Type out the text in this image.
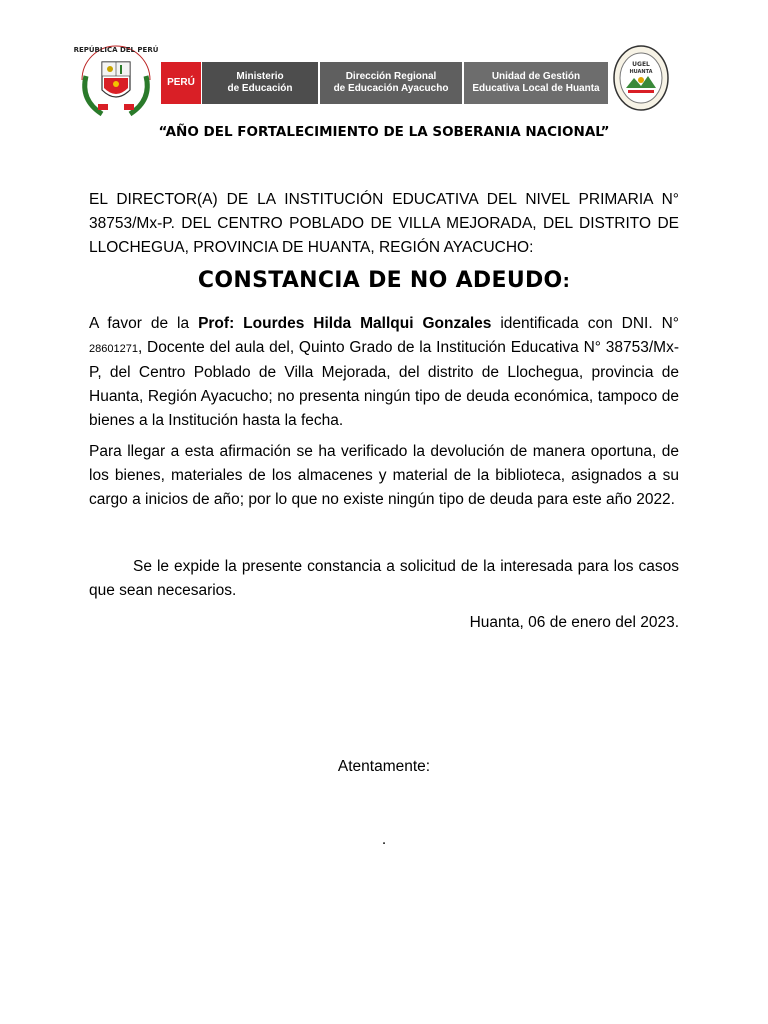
REPÚBLICA DEL PERÚ
PERÚ
Ministerio
de Educación
Dirección Regional
de Educación Ayacucho
Unidad de Gestión
Educativa Local de Huanta
UGEL
HUANTA
“AÑO DEL FORTALECIMIENTO DE LA SOBERANIA NACIONAL”
EL DIRECTOR(A) DE LA INSTITUCIÓN EDUCATIVA DEL NIVEL PRIMARIA N° 38753/Mx-P. DEL CENTRO POBLADO DE VILLA MEJORADA, DEL DISTRITO DE LLOCHEGUA, PROVINCIA DE HUANTA, REGIÓN AYACUCHO:
CONSTANCIA DE NO ADEUDO:
A favor de la Prof: Lourdes Hilda Mallqui Gonzales identificada con DNI. N° 28601271, Docente del aula del, Quinto Grado de la Institución Educativa N° 38753/Mx-P, del Centro Poblado de Villa Mejorada, del distrito de Llochegua, provincia de Huanta, Región Ayacucho; no presenta ningún tipo de deuda económica, tampoco de bienes a la Institución hasta la fecha.
Para llegar a esta afirmación se ha verificado la devolución de manera oportuna, de los bienes, materiales de los almacenes y material de la biblioteca, asignados a su cargo a inicios de año; por lo que no existe ningún tipo de deuda para este año 2022.
Se le expide la presente constancia a solicitud de la interesada para los casos que sean necesarios.
Huanta, 06 de enero del 2023.
Atentamente:
.
